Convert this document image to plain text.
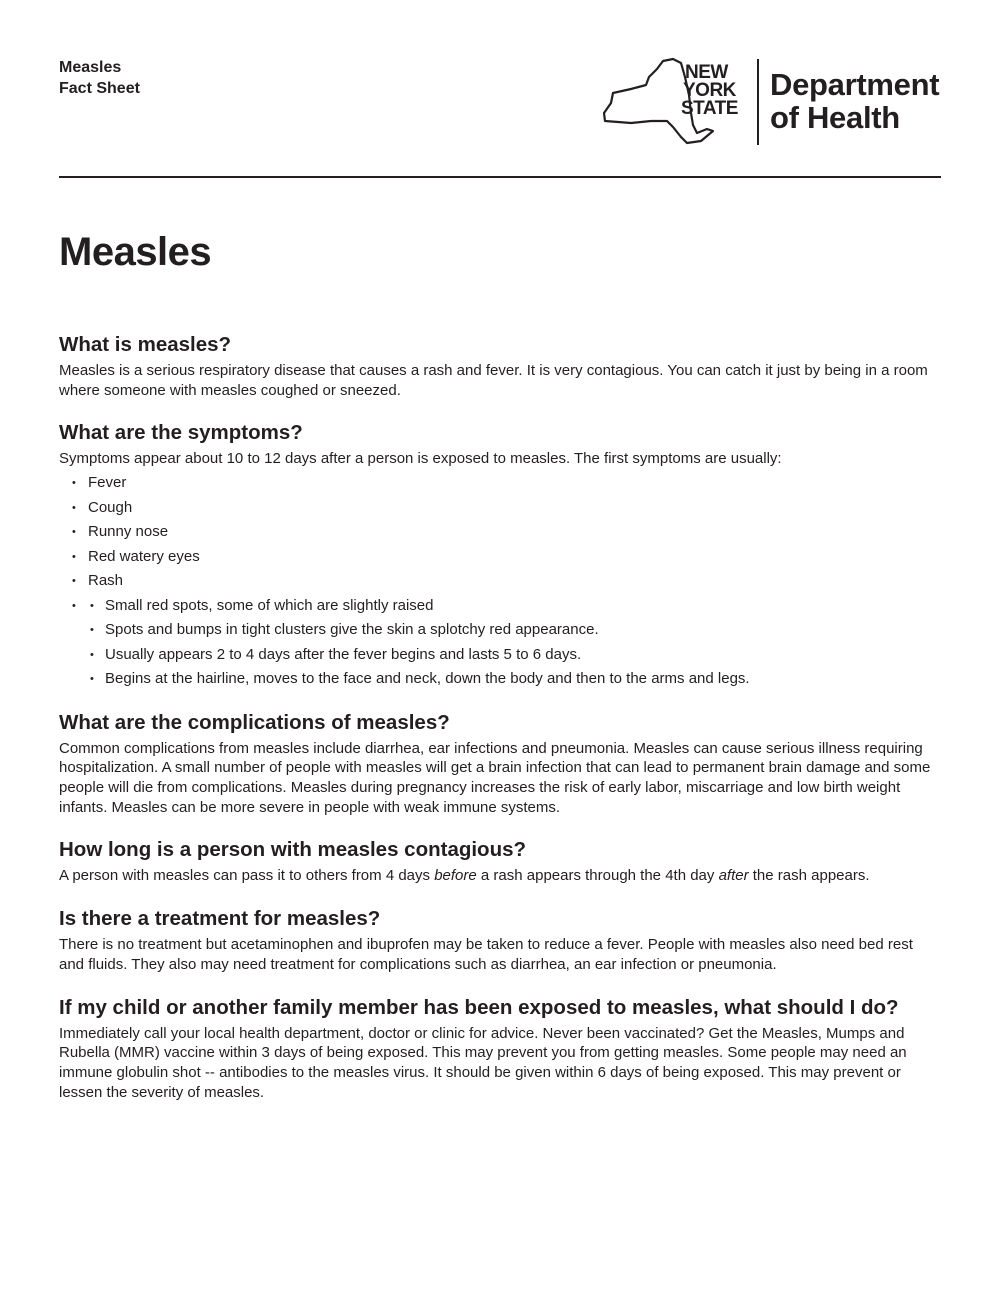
Measles
Fact Sheet
NEW
YORK
STATE
Department
of Health
Measles
What is measles?

Measles is a serious respiratory disease that causes a rash and fever. It is very contagious. You can catch it just by being in a room where someone with measles coughed or sneezed.

What are the symptoms?

Symptoms appear about 10 to 12 days after a person is exposed to measles. The first symptoms are usually:

• Fever
• Cough
• Runny nose
• Red watery eyes
• Rash
• • Small red spots, some of which are slightly raised
• Spots and bumps in tight clusters give the skin a splotchy red appearance.
• Usually appears 2 to 4 days after the fever begins and lasts 5 to 6 days.
• Begins at the hairline, moves to the face and neck, down the body and then to the arms and legs.
What are the complications of measles?

Common complications from measles include diarrhea, ear infections and pneumonia. Measles can cause serious illness requiring hospitalization. A small number of people with measles will get a brain infection that can lead to permanent brain damage and some people will die from complications. Measles during pregnancy increases the risk of early labor, miscarriage and low birth weight infants. Measles can be more severe in people with weak immune systems.

How long is a person with measles contagious?

A person with measles can pass it to others from 4 days before a rash appears through the 4th day after the rash appears.

Is there a treatment for measles?

There is no treatment but acetaminophen and ibuprofen may be taken to reduce a fever. People with measles also need bed rest and fluids. They also may need treatment for complications such as diarrhea, an ear infection or pneumonia.

If my child or another family member has been exposed to measles, what should I do?

Immediately call your local health department, doctor or clinic for advice. Never been vaccinated? Get the Measles, Mumps and Rubella (MMR) vaccine within 3 days of being exposed. This may prevent you from getting measles. Some people may need an immune globulin shot -- antibodies to the measles virus. It should be given within 6 days of being exposed. This may prevent or lessen the severity of measles.
